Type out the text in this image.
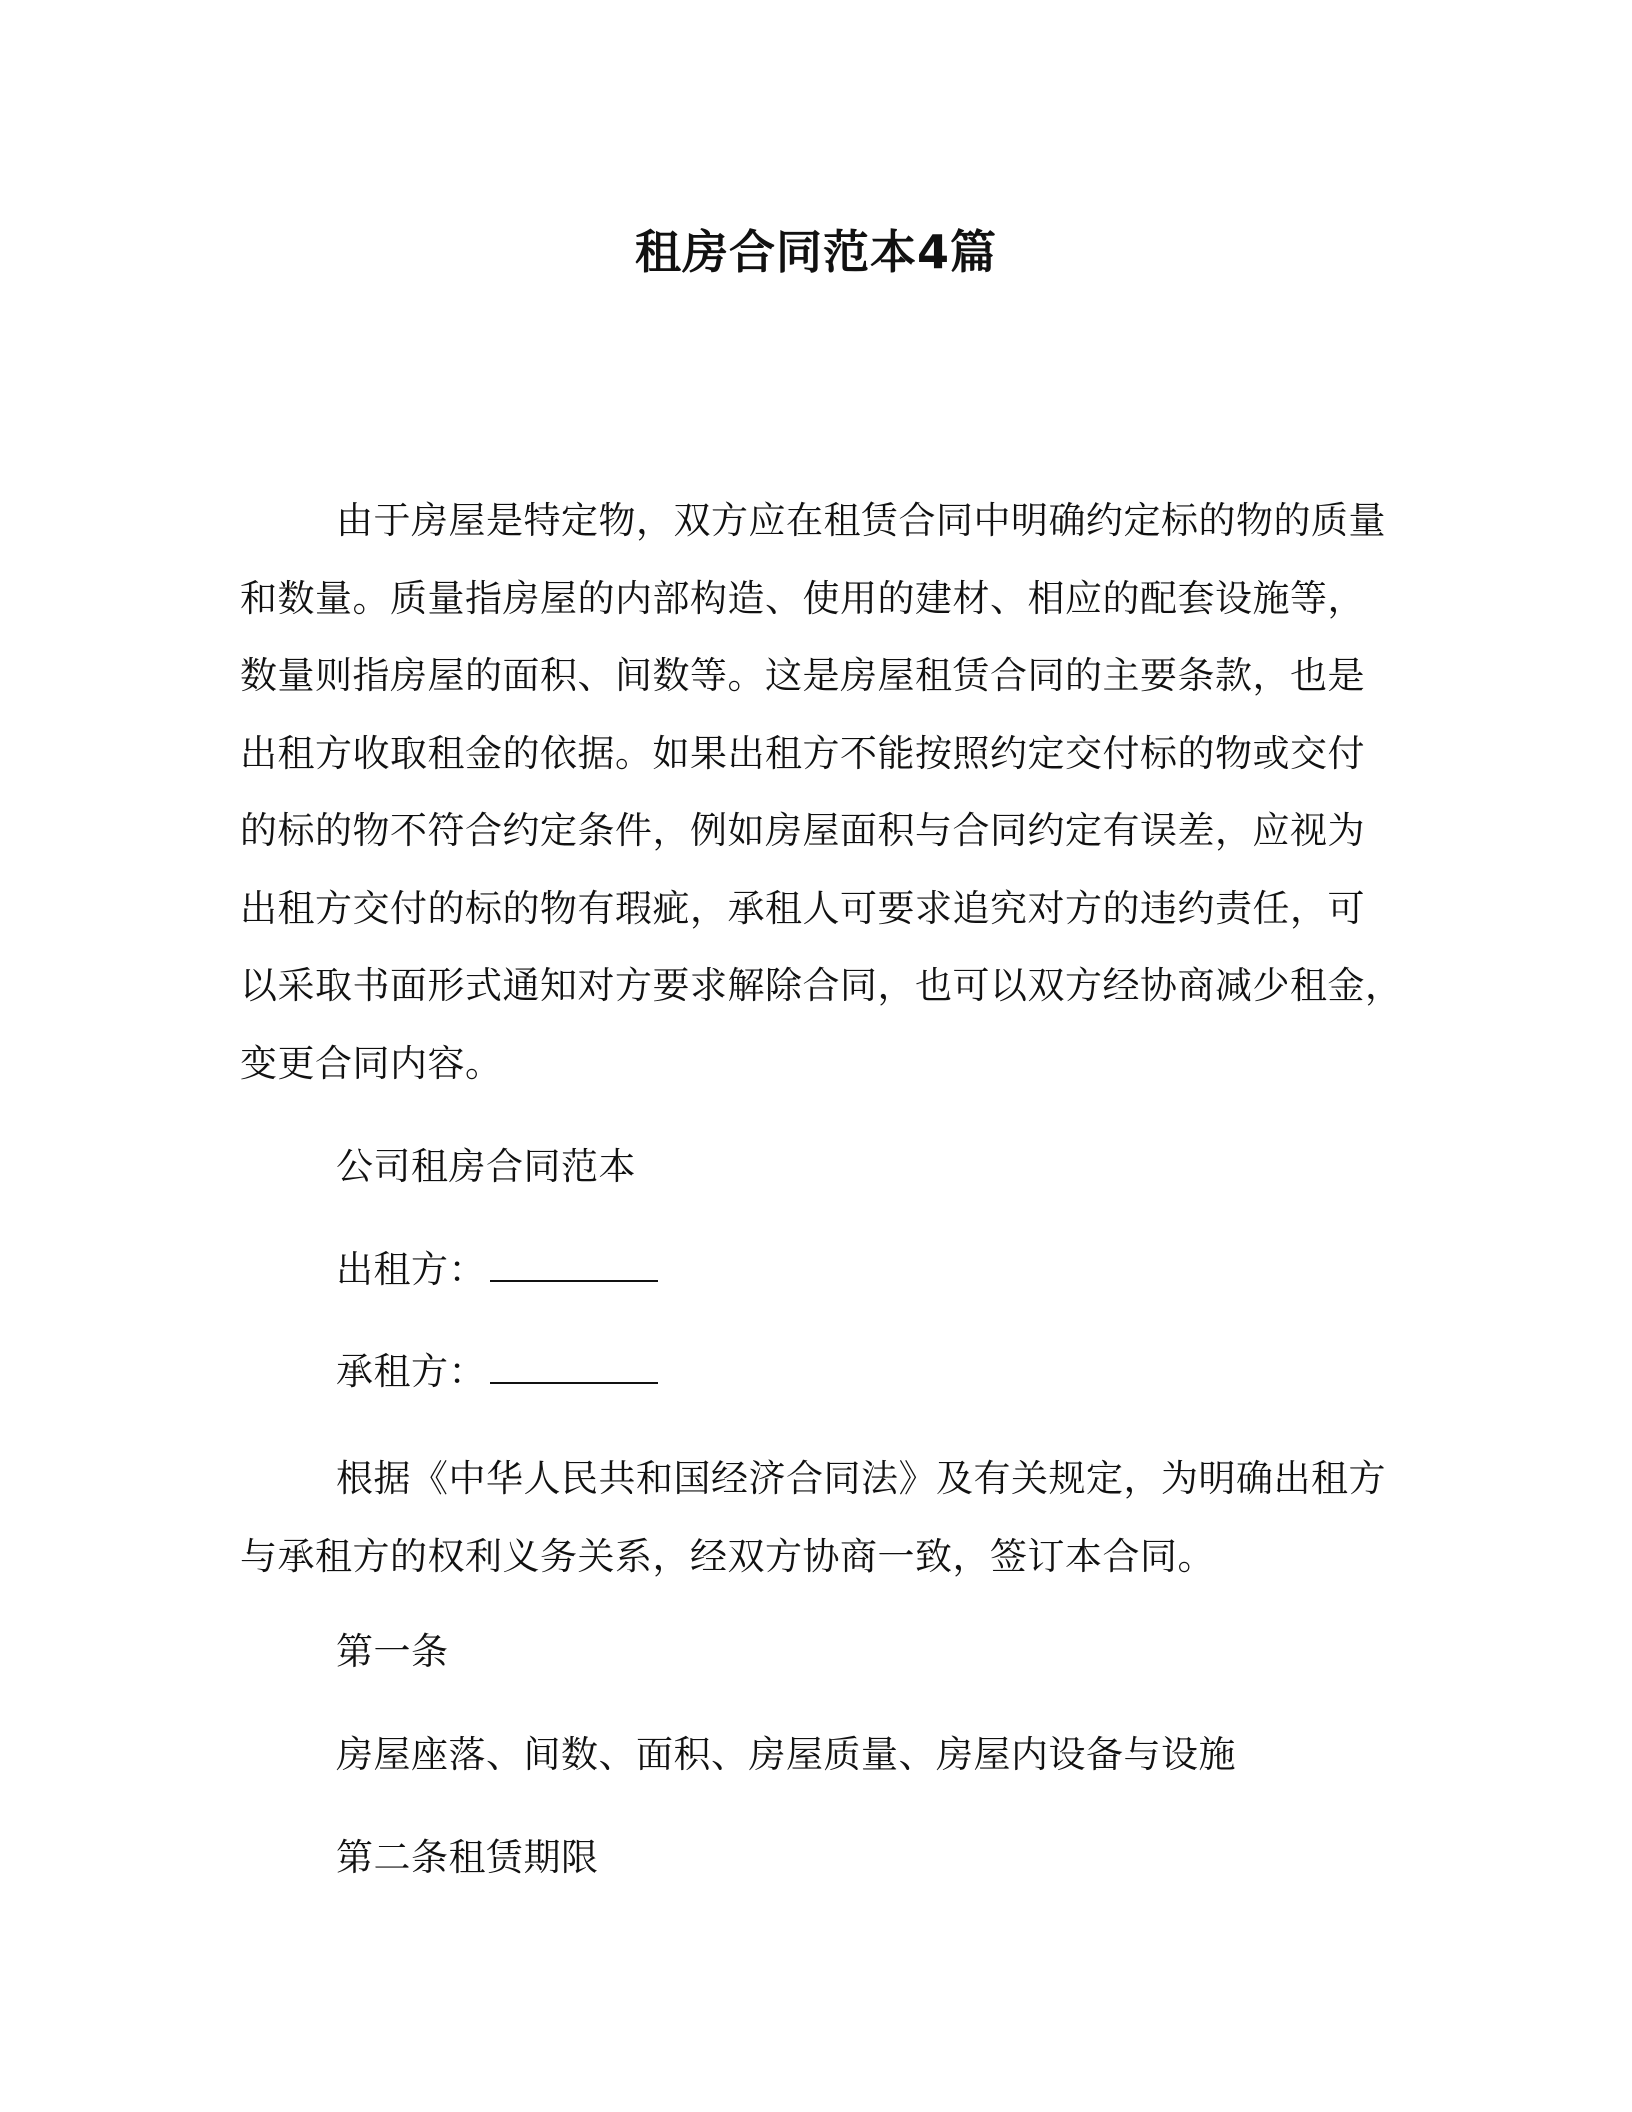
租房合同范本4篇
由于房屋是特定物，双方应在租赁合同中明确约定标的物的质量
和数量。质量指房屋的内部构造、使用的建材、相应的配套设施等，
数量则指房屋的面积、间数等。这是房屋租赁合同的主要条款，也是
出租方收取租金的依据。如果出租方不能按照约定交付标的物或交付
的标的物不符合约定条件，例如房屋面积与合同约定有误差，应视为
出租方交付的标的物有瑕疵，承租人可要求追究对方的违约责任，可
以采取书面形式通知对方要求解除合同，也可以双方经协商减少租金，
变更合同内容。
公司租房合同范本
出租方：
承租方：
根据《中华人民共和国经济合同法》及有关规定，为明确出租方
与承租方的权利义务关系，经双方协商一致，签订本合同。
第一条
房屋座落、间数、面积、房屋质量、房屋内设备与设施
第二条租赁期限
